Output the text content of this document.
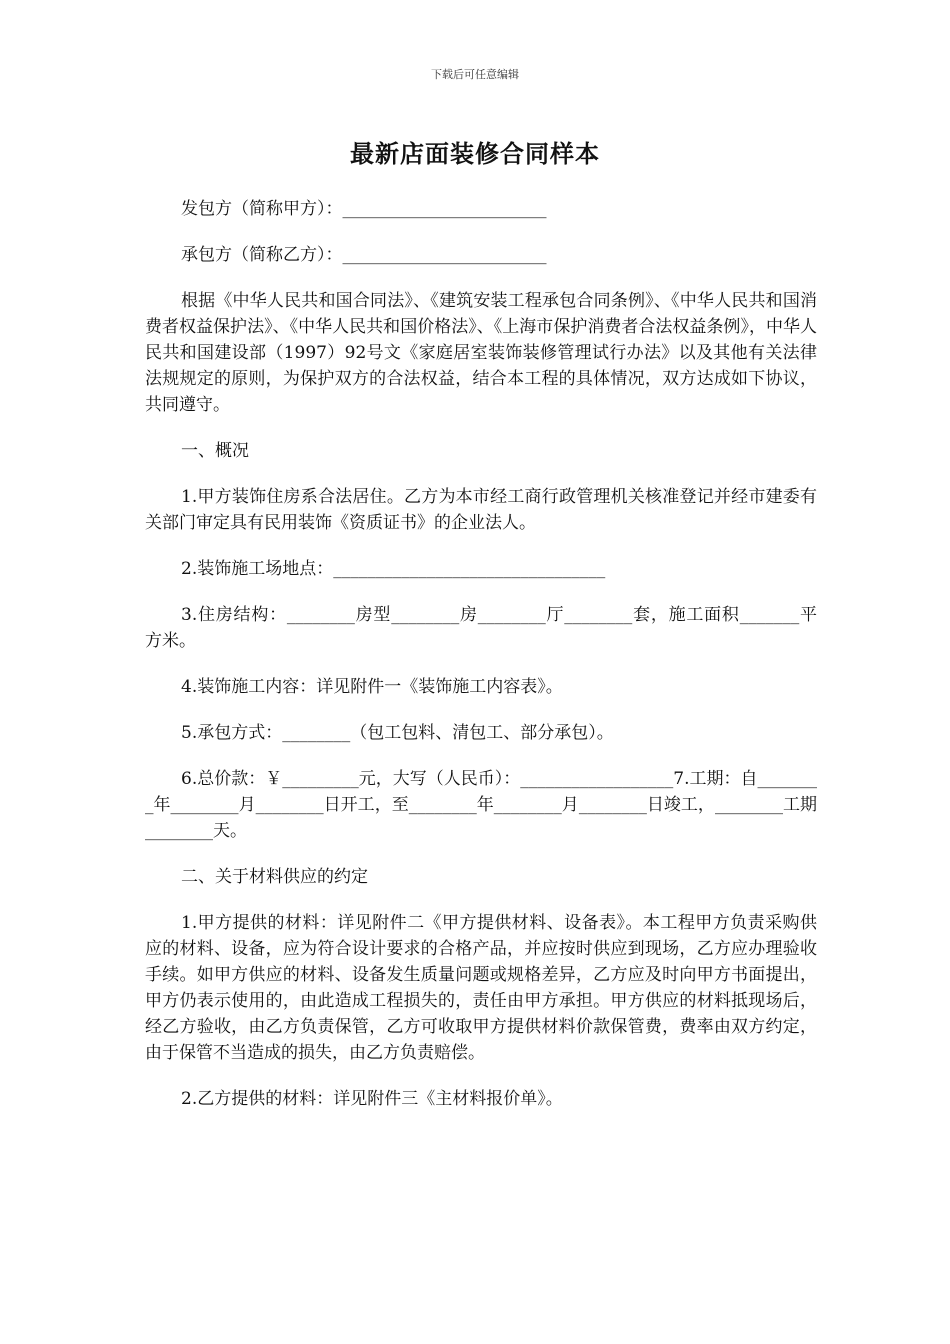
下载后可任意编辑
最新店面装修合同样本

发包方（简称甲方）：________________________

承包方（简称乙方）：________________________

根据《中华人民共和国合同法》、《建筑安装工程承包合同条例》、《中华人民共和国消费者权益保护法》、《中华人民共和国价格法》、《上海市保护消费者合法权益条例》，中华人民共和国建设部（1997）92号文《家庭居室装饰装修管理试行办法》以及其他有关法律法规规定的原则，为保护双方的合法权益，结合本工程的具体情况，双方达成如下协议，共同遵守。

一、概况

1.甲方装饰住房系合法居住。乙方为本市经工商行政管理机关核准登记并经市建委有关部门审定具有民用装饰《资质证书》的企业法人。

2.装饰施工场地点：________________________________

3.住房结构：________房型________房________厅________套，施工面积_______平方米。

4.装饰施工内容：详见附件一《装饰施工内容表》。

5.承包方式：________（包工包料、清包工、部分承包）。

6.总价款：￥_________元，大写（人民币）：__________________7.工期：自________年________月________日开工，至________年________月________日竣工，________工期________天。

二、关于材料供应的约定

1.甲方提供的材料：详见附件二《甲方提供材料、设备表》。本工程甲方负责采购供应的材料、设备，应为符合设计要求的合格产品，并应按时供应到现场，乙方应办理验收手续。如甲方供应的材料、设备发生质量问题或规格差异，乙方应及时向甲方书面提出，甲方仍表示使用的，由此造成工程损失的，责任由甲方承担。甲方供应的材料抵现场后，经乙方验收，由乙方负责保管，乙方可收取甲方提供材料价款保管费，费率由双方约定，由于保管不当造成的损失，由乙方负责赔偿。

2.乙方提供的材料：详见附件三《主材料报价单》。
